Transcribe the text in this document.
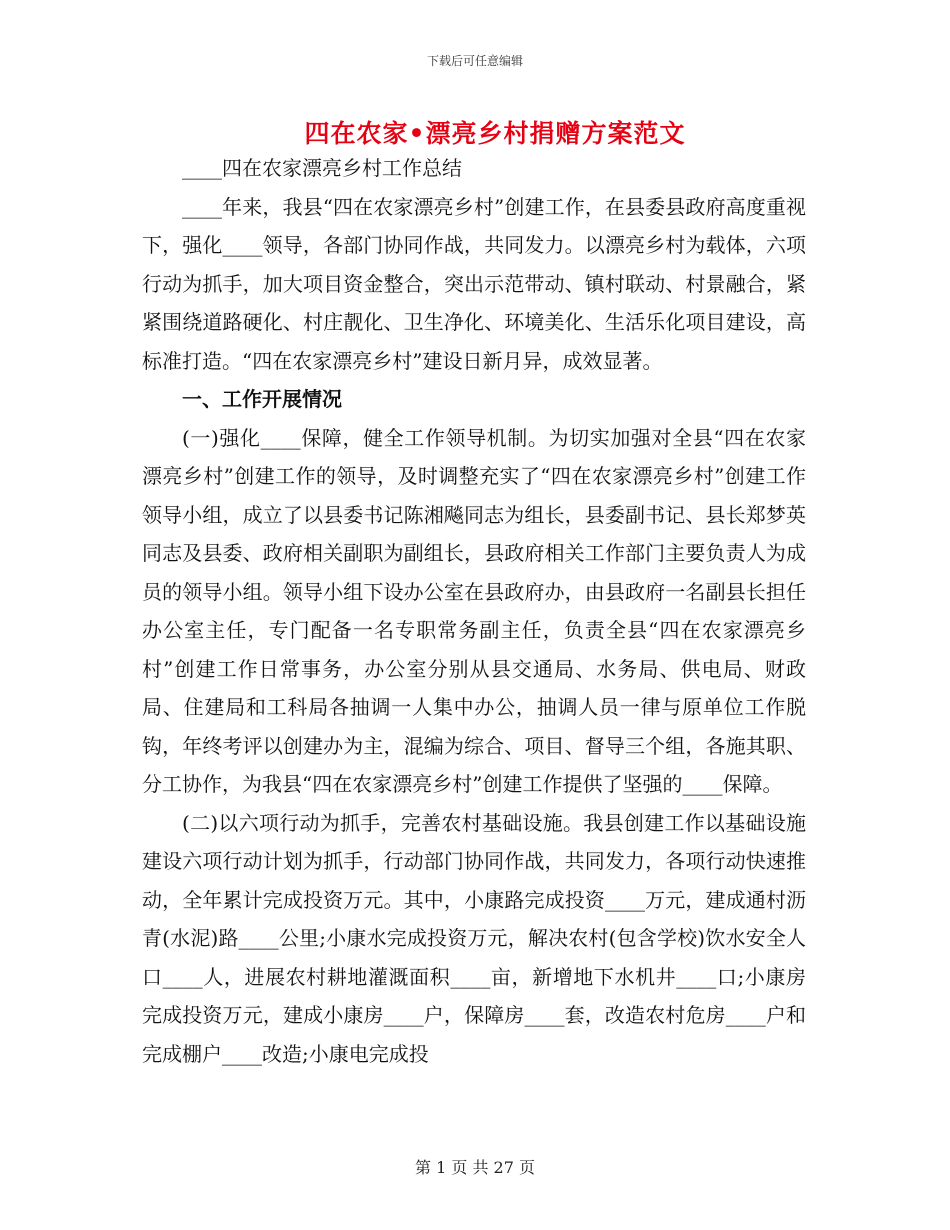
下载后可任意编辑
四在农家•漂亮乡村捐赠方案范文

____四在农家漂亮乡村工作总结

____年来，我县“四在农家漂亮乡村”创建工作，在县委县政府高度重视下，强化____领导，各部门协同作战，共同发力。以漂亮乡村为载体，六项行动为抓手，加大项目资金整合，突出示范带动、镇村联动、村景融合，紧紧围绕道路硬化、村庄靓化、卫生净化、环境美化、生活乐化项目建设，高标准打造。“四在农家漂亮乡村”建设日新月异，成效显著。

一、工作开展情况

(一)强化____保障，健全工作领导机制。为切实加强对全县“四在农家漂亮乡村”创建工作的领导，及时调整充实了“四在农家漂亮乡村”创建工作领导小组，成立了以县委书记陈湘飚同志为组长，县委副书记、县长郑梦英同志及县委、政府相关副职为副组长，县政府相关工作部门主要负责人为成员的领导小组。领导小组下设办公室在县政府办，由县政府一名副县长担任办公室主任，专门配备一名专职常务副主任，负责全县“四在农家漂亮乡村”创建工作日常事务，办公室分别从县交通局、水务局、供电局、财政局、住建局和工科局各抽调一人集中办公，抽调人员一律与原单位工作脱钩，年终考评以创建办为主，混编为综合、项目、督导三个组，各施其职、分工协作，为我县“四在农家漂亮乡村”创建工作提供了坚强的____保障。

(二)以六项行动为抓手，完善农村基础设施。我县创建工作以基础设施建设六项行动计划为抓手，行动部门协同作战，共同发力，各项行动快速推动，全年累计完成投资万元。其中，小康路完成投资____万元，建成通村沥青(水泥)路____公里;小康水完成投资万元，解决农村(包含学校)饮水安全人口____人，进展农村耕地灌溉面积____亩，新增地下水机井____口;小康房完成投资万元，建成小康房____户，保障房____套，改造农村危房____户和完成棚户____改造;小康电完成投

第 1 页 共 27 页
